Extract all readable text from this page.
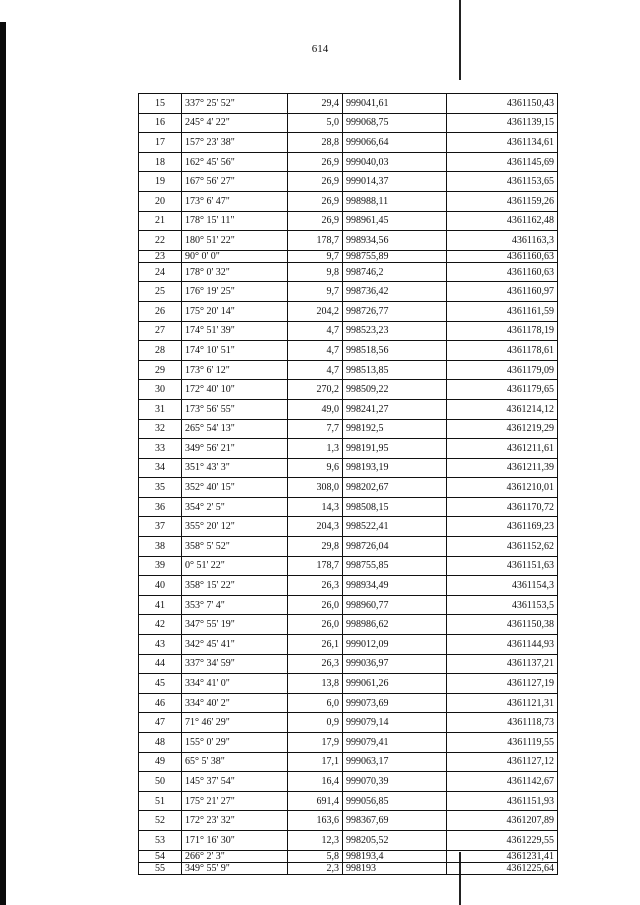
614
15	337° 25' 52"	29,4	999041,61	4361150,43
16	245° 4' 22"	5,0	999068,75	4361139,15
17	157° 23' 38"	28,8	999066,64	4361134,61
18	162° 45' 56"	26,9	999040,03	4361145,69
19	167° 56' 27"	26,9	999014,37	4361153,65
20	173° 6' 47"	26,9	998988,11	4361159,26
21	178° 15' 11"	26,9	998961,45	4361162,48
22	180° 51' 22"	178,7	998934,56	4361163,3
23	90° 0' 0"	9,7	998755,89	4361160,63
24	178° 0' 32"	9,8	998746,2	4361160,63
25	176° 19' 25"	9,7	998736,42	4361160,97
26	175° 20' 14"	204,2	998726,77	4361161,59
27	174° 51' 39"	4,7	998523,23	4361178,19
28	174° 10' 51"	4,7	998518,56	4361178,61
29	173° 6' 12"	4,7	998513,85	4361179,09
30	172° 40' 10"	270,2	998509,22	4361179,65
31	173° 56' 55"	49,0	998241,27	4361214,12
32	265° 54' 13"	7,7	998192,5	4361219,29
33	349° 56' 21"	1,3	998191,95	4361211,61
34	351° 43' 3"	9,6	998193,19	4361211,39
35	352° 40' 15"	308,0	998202,67	4361210,01
36	354° 2' 5"	14,3	998508,15	4361170,72
37	355° 20' 12"	204,3	998522,41	4361169,23
38	358° 5' 52"	29,8	998726,04	4361152,62
39	0° 51' 22"	178,7	998755,85	4361151,63
40	358° 15' 22"	26,3	998934,49	4361154,3
41	353° 7' 4"	26,0	998960,77	4361153,5
42	347° 55' 19"	26,0	998986,62	4361150,38
43	342° 45' 41"	26,1	999012,09	4361144,93
44	337° 34' 59"	26,3	999036,97	4361137,21
45	334° 41' 0"	13,8	999061,26	4361127,19
46	334° 40' 2"	6,0	999073,69	4361121,31
47	71° 46' 29"	0,9	999079,14	4361118,73
48	155° 0' 29"	17,9	999079,41	4361119,55
49	65° 5' 38"	17,1	999063,17	4361127,12
50	145° 37' 54"	16,4	999070,39	4361142,67
51	175° 21' 27"	691,4	999056,85	4361151,93
52	172° 23' 32"	163,6	998367,69	4361207,89
53	171° 16' 30"	12,3	998205,52	4361229,55
54	266° 2' 3"	5,8	998193,4	4361231,41
55	349° 55' 9"	2,3	998193	4361225,64
